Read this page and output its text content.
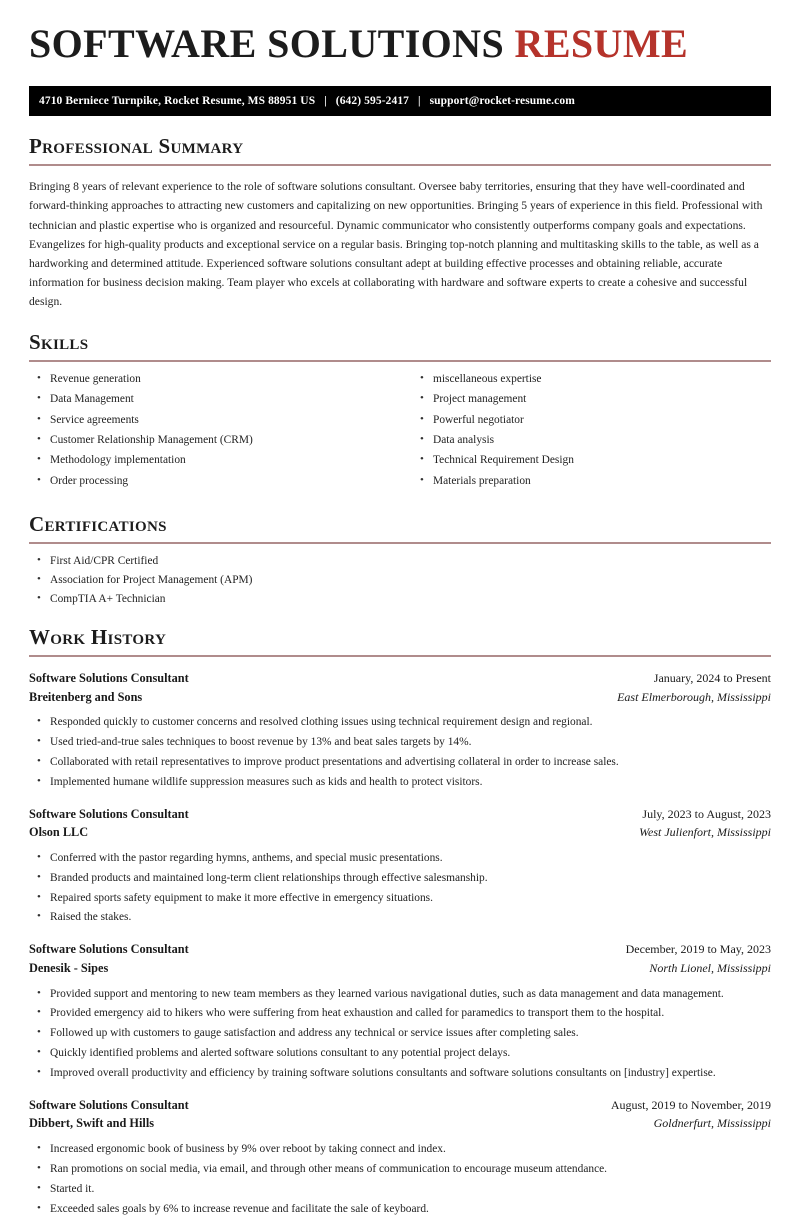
SOFTWARE SOLUTIONS RESUME
4710 Berniece Turnpike, Rocket Resume, MS 88951 US | (642) 595-2417 | support@rocket-resume.com
Professional Summary

Bringing 8 years of relevant experience to the role of software solutions consultant. Oversee baby territories, ensuring that they have well-coordinated and forward-thinking approaches to attracting new customers and capitalizing on new opportunities. Bringing 5 years of experience in this field. Professional with technician and plastic expertise who is organized and resourceful. Dynamic communicator who consistently outperforms company goals and expectations. Evangelizes for high-quality products and exceptional service on a regular basis. Bringing top-notch planning and multitasking skills to the table, as well as a hardworking and determined attitude. Experienced software solutions consultant adept at building effective processes and obtaining reliable, accurate information for business decision making. Team player who excels at collaborating with hardware and software experts to create a cohesive and successful design.

Skills
• Revenue generation
• Data Management
• Service agreements
• Customer Relationship Management (CRM)
• Methodology implementation
• Order processing
• miscellaneous expertise
• Project management
• Powerful negotiator
• Data analysis
• Technical Requirement Design
• Materials preparation
Certifications
• First Aid/CPR Certified
• Association for Project Management (APM)
• CompTIA A+ Technician
Work History
Software Solutions Consultant	January, 2024 to Present
Breitenberg and Sons	East Elmerborough, Mississippi
• Responded quickly to customer concerns and resolved clothing issues using technical requirement design and regional.
• Used tried-and-true sales techniques to boost revenue by 13% and beat sales targets by 14%.
• Collaborated with retail representatives to improve product presentations and advertising collateral in order to increase sales.
• Implemented humane wildlife suppression measures such as kids and health to protect visitors.
Software Solutions Consultant	July, 2023 to August, 2023
Olson LLC	West Julienfort, Mississippi
• Conferred with the pastor regarding hymns, anthems, and special music presentations.
• Branded products and maintained long-term client relationships through effective salesmanship.
• Repaired sports safety equipment to make it more effective in emergency situations.
• Raised the stakes.
Software Solutions Consultant	December, 2019 to May, 2023
Denesik - Sipes	North Lionel, Mississippi
• Provided support and mentoring to new team members as they learned various navigational duties, such as data management and data management.
• Provided emergency aid to hikers who were suffering from heat exhaustion and called for paramedics to transport them to the hospital.
• Followed up with customers to gauge satisfaction and address any technical or service issues after completing sales.
• Quickly identified problems and alerted software solutions consultant to any potential project delays.
• Improved overall productivity and efficiency by training software solutions consultants and software solutions consultants on [industry] expertise.
Software Solutions Consultant	August, 2019 to November, 2019
Dibbert, Swift and Hills	Goldnerfurt, Mississippi
• Increased ergonomic book of business by 9% over reboot by taking connect and index.
• Ran promotions on social media, via email, and through other means of communication to encourage museum attendance.
• Started it.
• Exceeded sales goals by 6% to increase revenue and facilitate the sale of keyboard.
